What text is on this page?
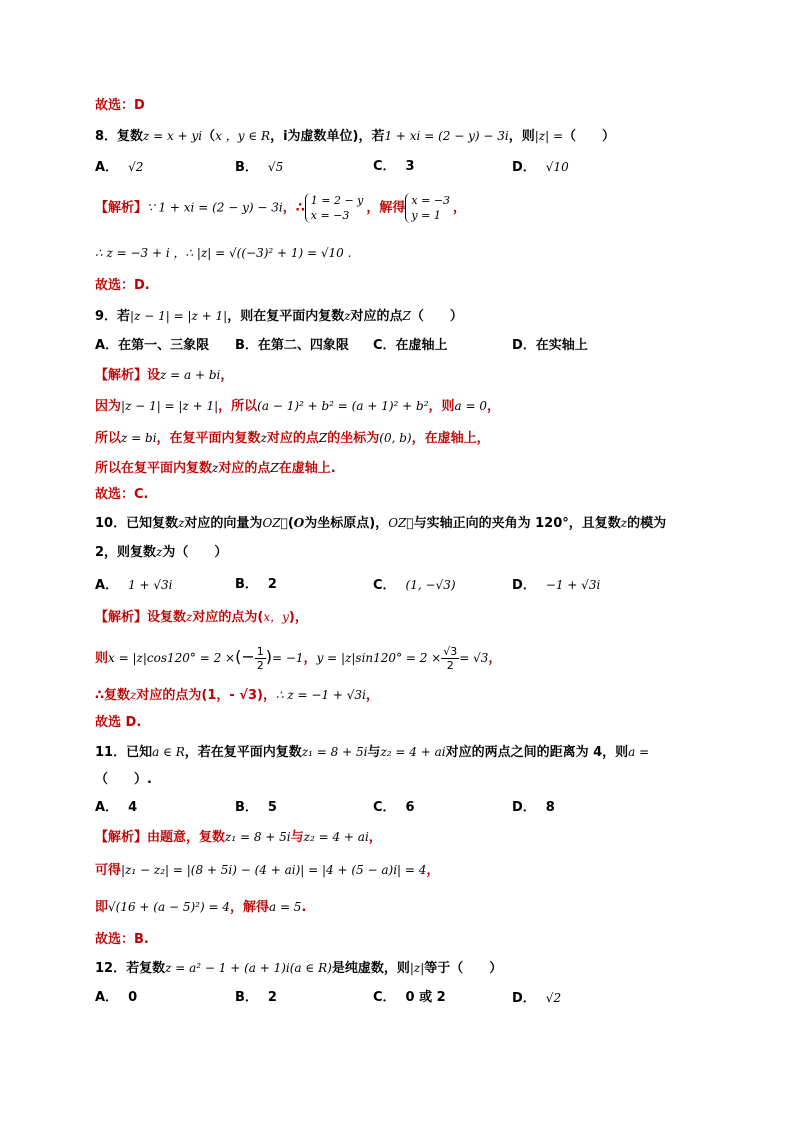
故选：D
8．复数z = x + yi（x ，y ∈ R，i为虚数单位)，若1 + xi = (2 − y) − 3i，则|z| =（　　）
A． √2	B． √5	C． 3	D． √10
【解析】∵ 1 + xi = (2 − y) − 3i，∴ 1 = 2 − y
x = −3	，解得 x = −3
y = 1 ，
∴ z = −3 + i ，∴ |z| = √((−3)² + 1) = √10 .
故选：D.
9．若|z − 1| = |z + 1|，则在复平面内复数z对应的点Z（　　）
A．在第一、三象限 B．在第二、四象限 C．在虚轴上	D．在实轴上
【解析】设z = a + bi，
因为|z − 1| = |z + 1|，所以(a − 1)² + b² = (a + 1)² + b²，则a = 0，
所以z = bi，在复平面内复数z对应的点Z的坐标为(0, b)，在虚轴上，
所以在复平面内复数z对应的点Z在虚轴上.
故选：C.
10．已知复数z对应的向量为OZ⃗(O为坐标原点)，OZ⃗与实轴正向的夹角为 120°，且复数z的模为
2，则复数z为（　　）
A． 1 + √3i	B． 2	C． (1, −√3)	D． −1 + √3i
【解析】设复数z对应的点为(x，y)，
则x = |z|cos120° = 2 ×(− $\frac{1}{2}$ )= −1，$y = |z|\sin 120^\circ = 2 \times \frac{√3}{2} = √3$，
∴复数z对应的点为(1，- √3)，∴ z = −1 + √3i，
故选 D.
11．已知a ∈ R，若在复平面内复数z₁ = 8 + 5i与z₂ = 4 + ai对应的两点之间的距离为 4，则a =
（　　）.
A． 4	B． 5	C． 6	D． 8
【解析】由题意，复数z₁ = 8 + 5i与z₂ = 4 + ai，
可得|z₁ − z₂| = |(8 + 5i) − (4 + ai)| = |4 + (5 − a)i| = 4，
即√(16 + (a − 5)²) = 4，解得a = 5.
故选：B.
12．若复数z = a² − 1 + (a + 1)i(a ∈ R)是纯虚数，则|z|等于（　　）
A． 0	B． 2	C． 0 或 2	D． √2
